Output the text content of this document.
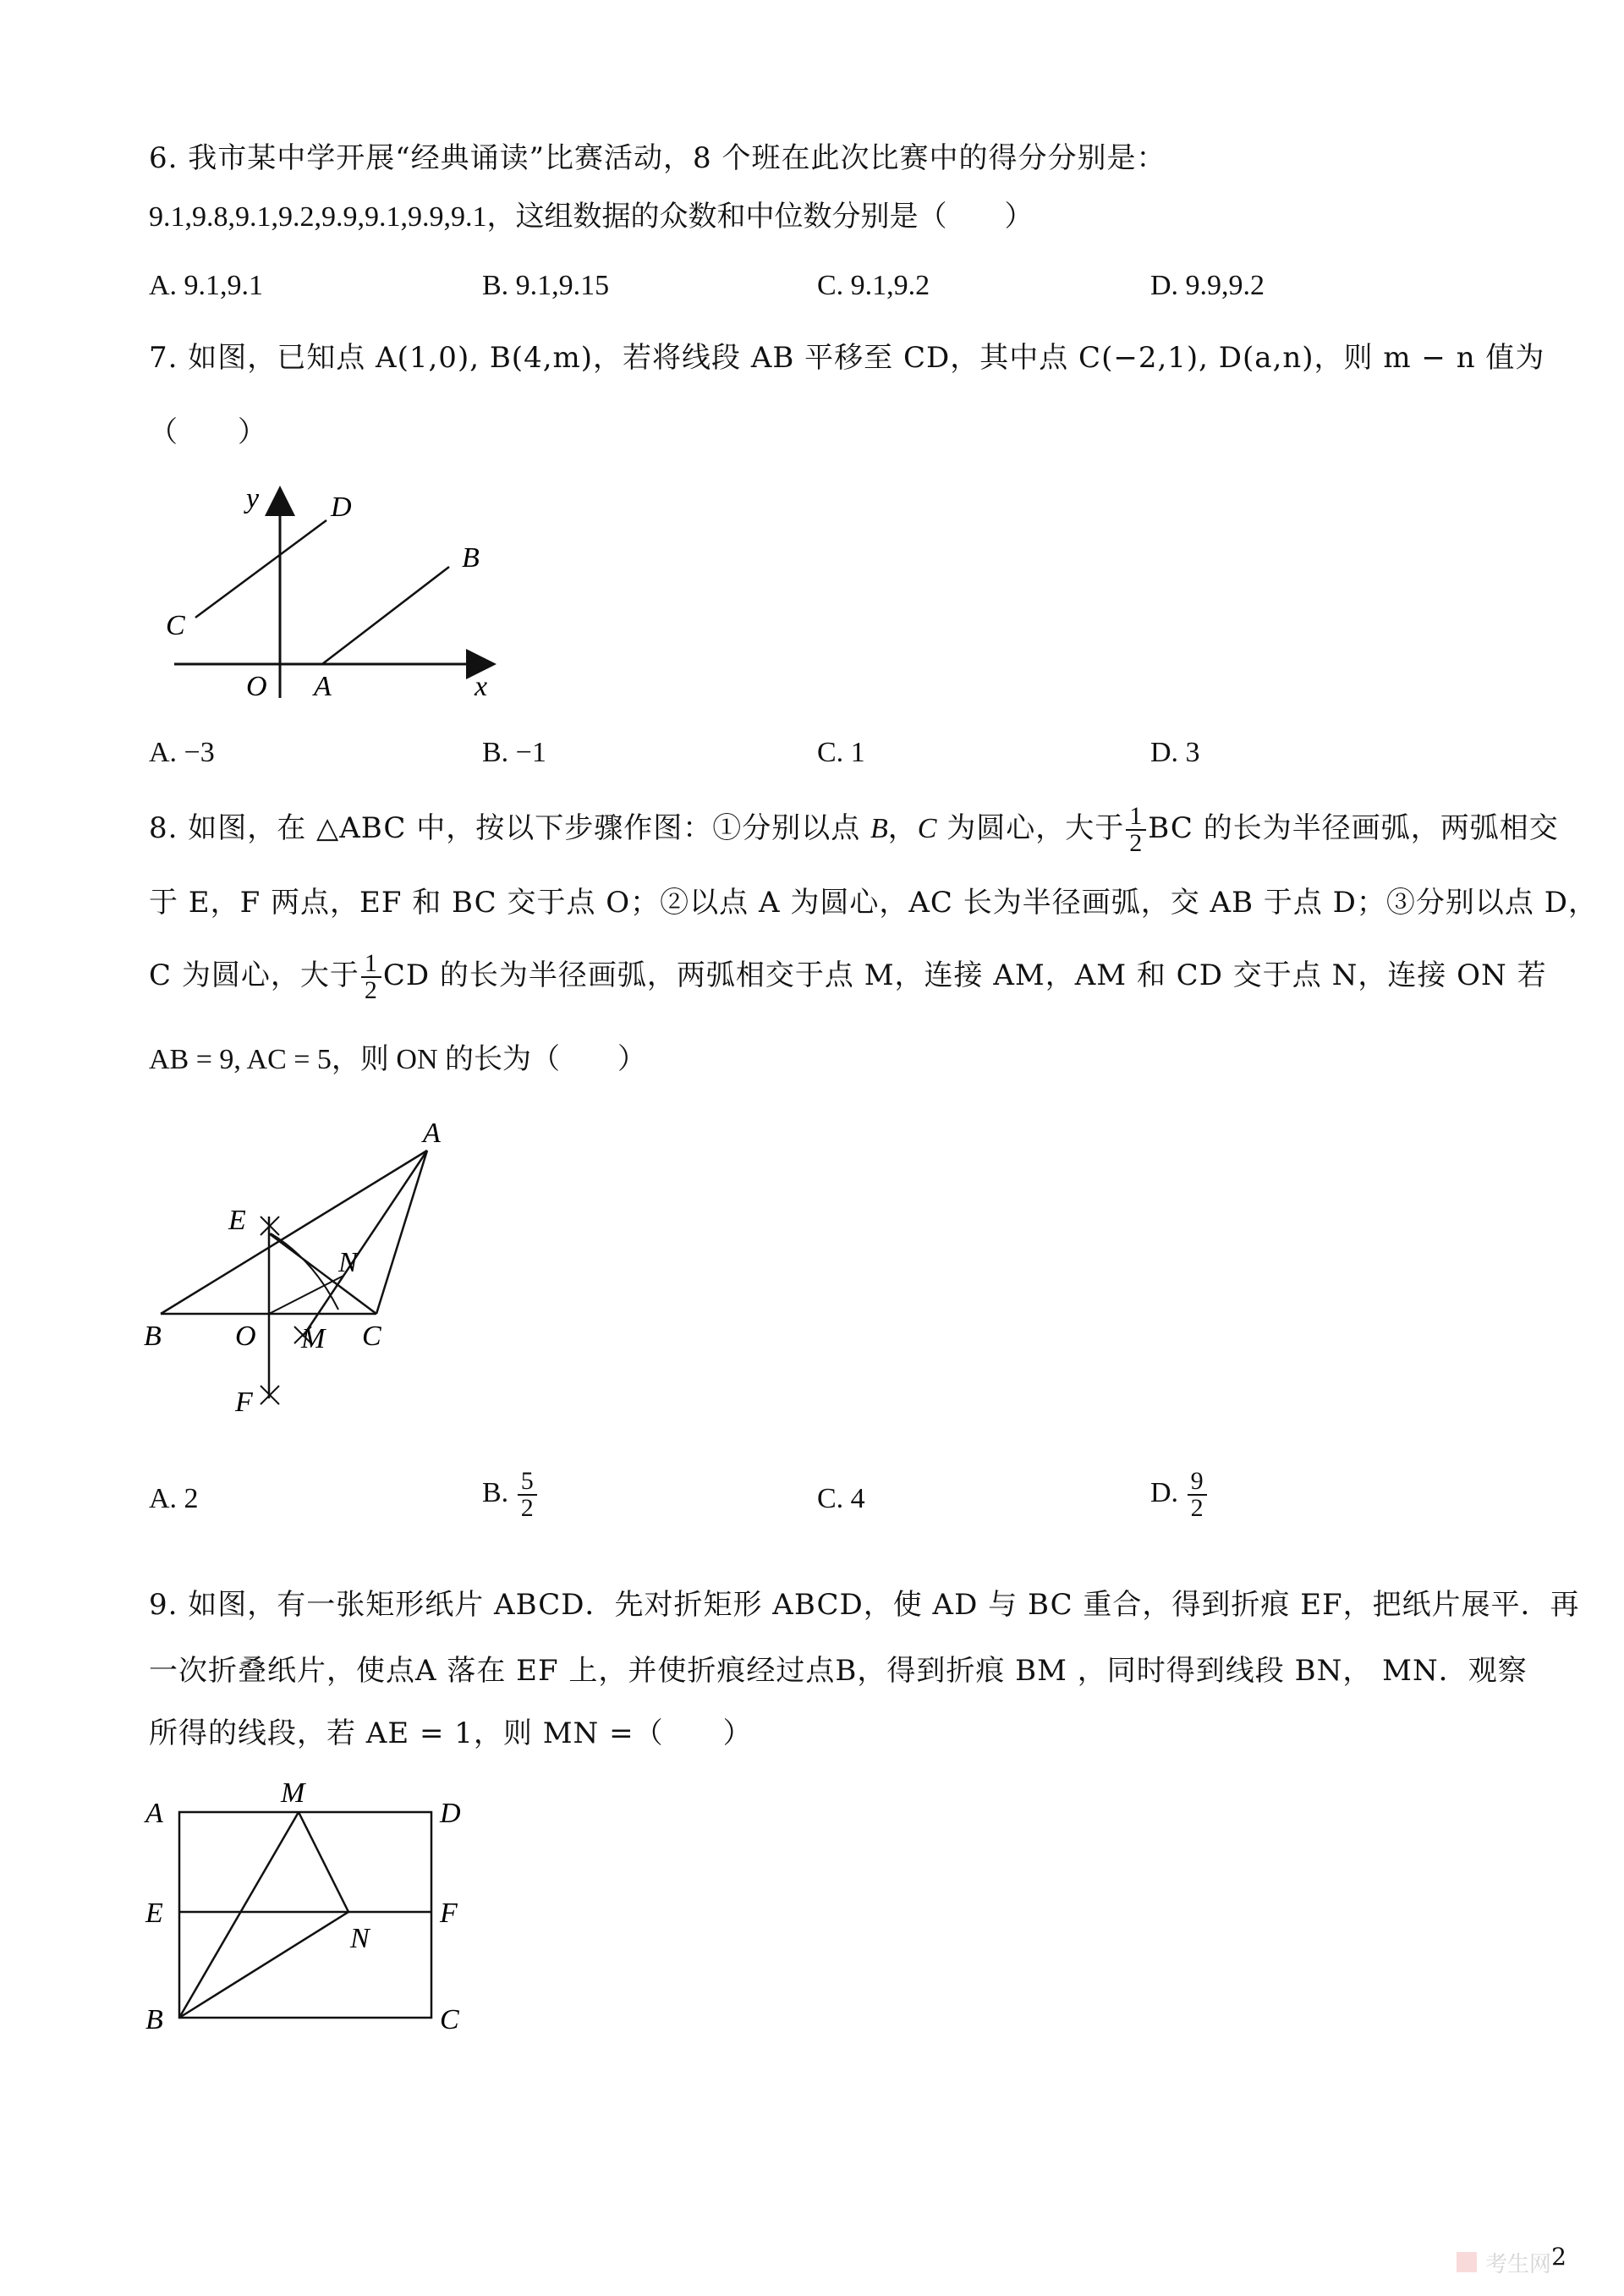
6. 我市某中学开展“经典诵读”比赛活动，8 个班在此次比赛中的得分分别是：
9.1,9.8,9.1,9.2,9.9,9.1,9.9,9.1，这组数据的众数和中位数分别是（　　）
A. 9.1,9.1	B. 9.1,9.15	C. 9.1,9.2	D. 9.9,9.2
7. 如图，已知点 A(1,0), B(4,m)，若将线段 AB 平移至 CD，其中点 C(−2,1), D(a,n)，则 m − n 值为
（　　）
y
x
O A
B
C
D
A. −3	B. −1	C. 1	D. 3
8. 如图，在 △ABC 中，按以下步骤作图：①分别以点 B，C 为圆心，大于 $\frac{1}{2}$ BC 的长为半径画弧，两弧相交
于 E，F 两点，EF 和 BC 交于点 O；②以点 A 为圆心，AC 长为半径画弧，交 AB 于点 D；③分别以点 D，
C 为圆心，大于 $\frac{1}{2}$ CD 的长为半径画弧，两弧相交于点 M，连接 AM，AM 和 CD 交于点 N，连接 ON 若
AB = 9, AC = 5，则 ON 的长为（　　）
A
B	C
E
F
O M
N
A. 2	B. $\frac{5}{2}$	C. 4	D. $\frac{9}{2}$
9. 如图，有一张矩形纸片 ABCD．先对折矩形 ABCD，使 AD 与 BC 重合，得到折痕 EF，把纸片展平．再
一次折叠纸片，使点A 落在 EF 上，并使折痕经过点B，得到折痕 BM ，同时得到线段 BN， MN．观察
所得的线段，若 AE = 1，则 MN =（　　）
A
M
D
E	F
N
B	C
考生网 2
